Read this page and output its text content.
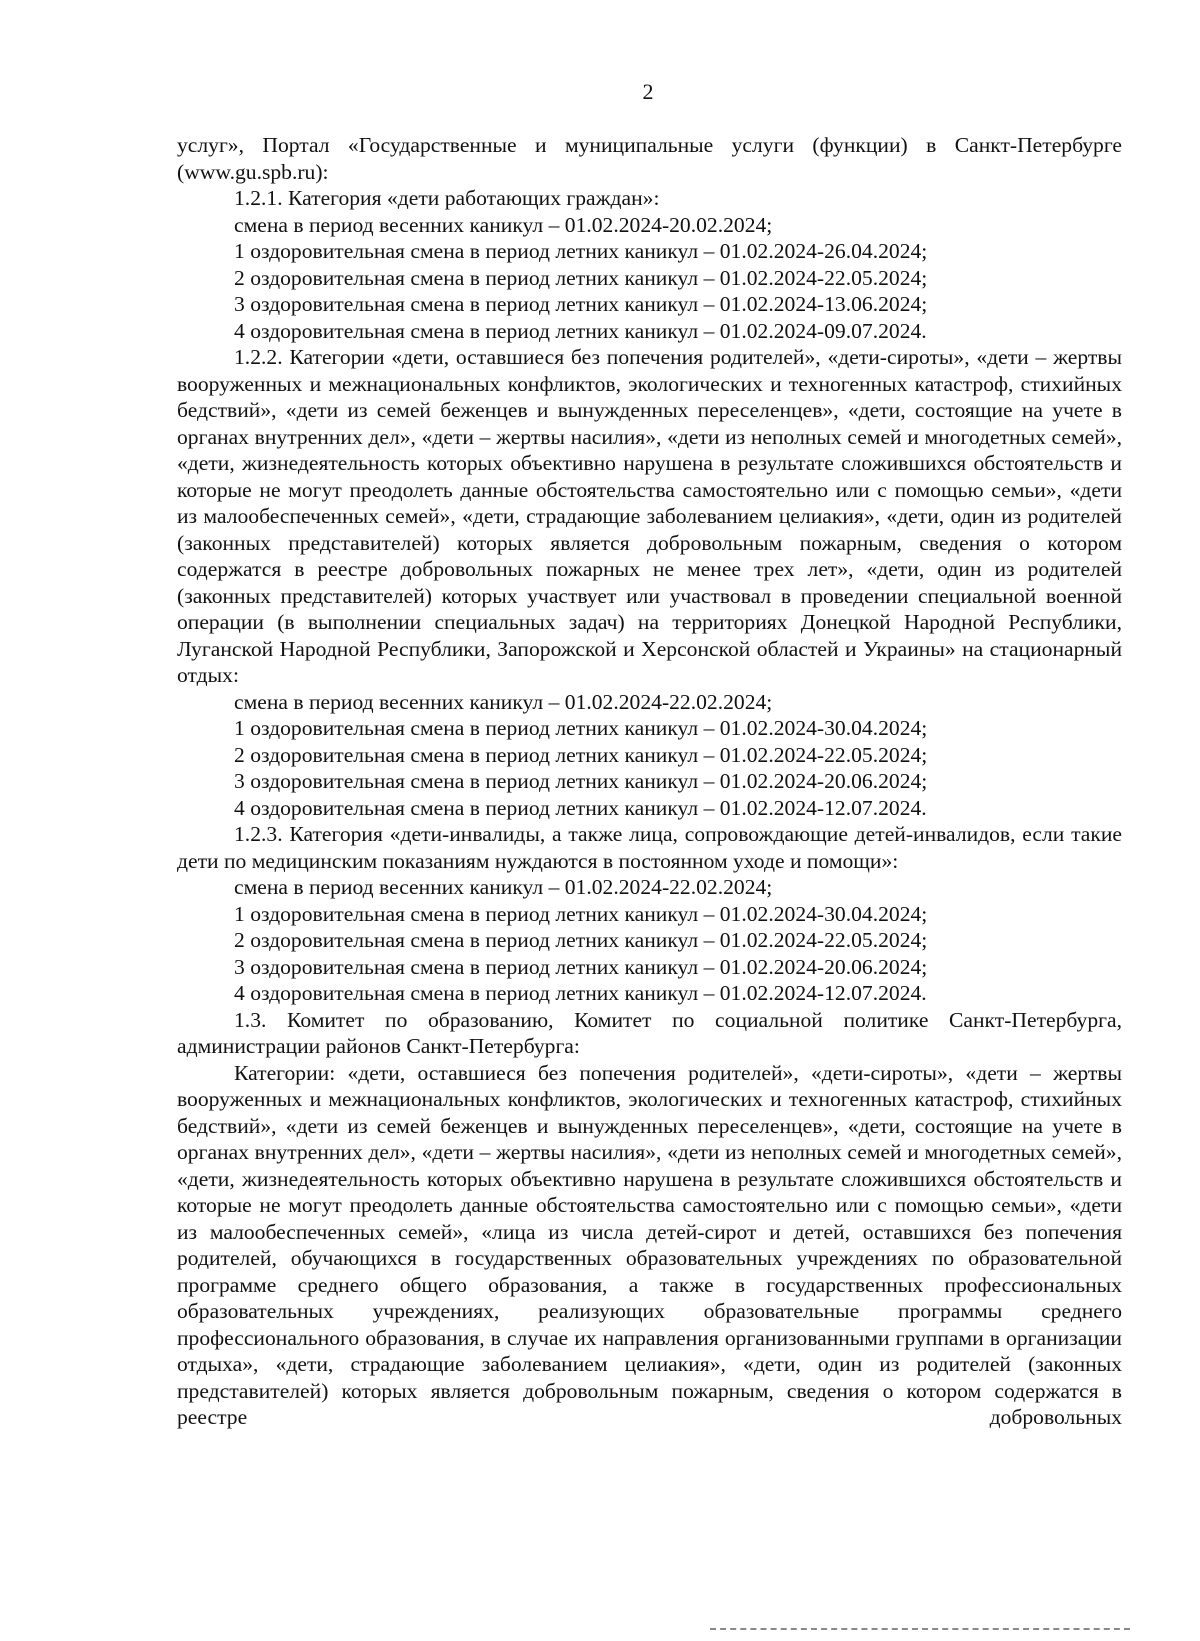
2

услуг», Портал «Государственные и муниципальные услуги (функции) в Санкт-Петербурге (www.gu.spb.ru):

1.2.1. Категория «дети работающих граждан»:

смена в период весенних каникул – 01.02.2024-20.02.2024;

1 оздоровительная смена в период летних каникул – 01.02.2024-26.04.2024;

2 оздоровительная смена в период летних каникул – 01.02.2024-22.05.2024;

3 оздоровительная смена в период летних каникул – 01.02.2024-13.06.2024;

4 оздоровительная смена в период летних каникул – 01.02.2024-09.07.2024.

1.2.2. Категории «дети, оставшиеся без попечения родителей», «дети-сироты», «дети – жертвы вооруженных и межнациональных конфликтов, экологических и техногенных катастроф, стихийных бедствий», «дети из семей беженцев и вынужденных переселенцев», «дети, состоящие на учете в органах внутренних дел», «дети – жертвы насилия», «дети из неполных семей и многодетных семей», «дети, жизнедеятельность которых объективно нарушена в результате сложившихся обстоятельств и которые не могут преодолеть данные обстоятельства самостоятельно или с помощью семьи», «дети из малообеспеченных семей», «дети, страдающие заболеванием целиакия», «дети, один из родителей (законных представителей) которых является добровольным пожарным, сведения о котором содержатся в реестре добровольных пожарных не менее трех лет», «дети, один из родителей (законных представителей) которых участвует или участвовал в проведении специальной военной операции (в выполнении специальных задач) на территориях Донецкой Народной Республики, Луганской Народной Республики, Запорожской и Херсонской областей и Украины» на стационарный отдых:

смена в период весенних каникул – 01.02.2024-22.02.2024;

1 оздоровительная смена в период летних каникул – 01.02.2024-30.04.2024;

2 оздоровительная смена в период летних каникул – 01.02.2024-22.05.2024;

3 оздоровительная смена в период летних каникул – 01.02.2024-20.06.2024;

4 оздоровительная смена в период летних каникул – 01.02.2024-12.07.2024.

1.2.3. Категория «дети-инвалиды, а также лица, сопровождающие детей-инвалидов, если такие дети по медицинским показаниям нуждаются в постоянном уходе и помощи»:

смена в период весенних каникул – 01.02.2024-22.02.2024;

1 оздоровительная смена в период летних каникул – 01.02.2024-30.04.2024;

2 оздоровительная смена в период летних каникул – 01.02.2024-22.05.2024;

3 оздоровительная смена в период летних каникул – 01.02.2024-20.06.2024;

4 оздоровительная смена в период летних каникул – 01.02.2024-12.07.2024.

1.3. Комитет по образованию, Комитет по социальной политике Санкт-Петербурга, администрации районов Санкт-Петербурга:

Категории: «дети, оставшиеся без попечения родителей», «дети-сироты», «дети – жертвы вооруженных и межнациональных конфликтов, экологических и техногенных катастроф, стихийных бедствий», «дети из семей беженцев и вынужденных переселенцев», «дети, состоящие на учете в органах внутренних дел», «дети – жертвы насилия», «дети из неполных семей и многодетных семей», «дети, жизнедеятельность которых объективно нарушена в результате сложившихся обстоятельств и которые не могут преодолеть данные обстоятельства самостоятельно или с помощью семьи», «дети из малообеспеченных семей», «лица из числа детей-сирот и детей, оставшихся без попечения родителей, обучающихся в государственных образовательных учреждениях по образовательной программе среднего общего образования, а также в государственных профессиональных образовательных учреждениях, реализующих образовательные программы среднего профессионального образования, в случае их направления организованными группами в организации отдыха», «дети, страдающие заболеванием целиакия», «дети, один из родителей (законных представителей) которых является добровольным пожарным, сведения о котором содержатся в реестре добровольных
